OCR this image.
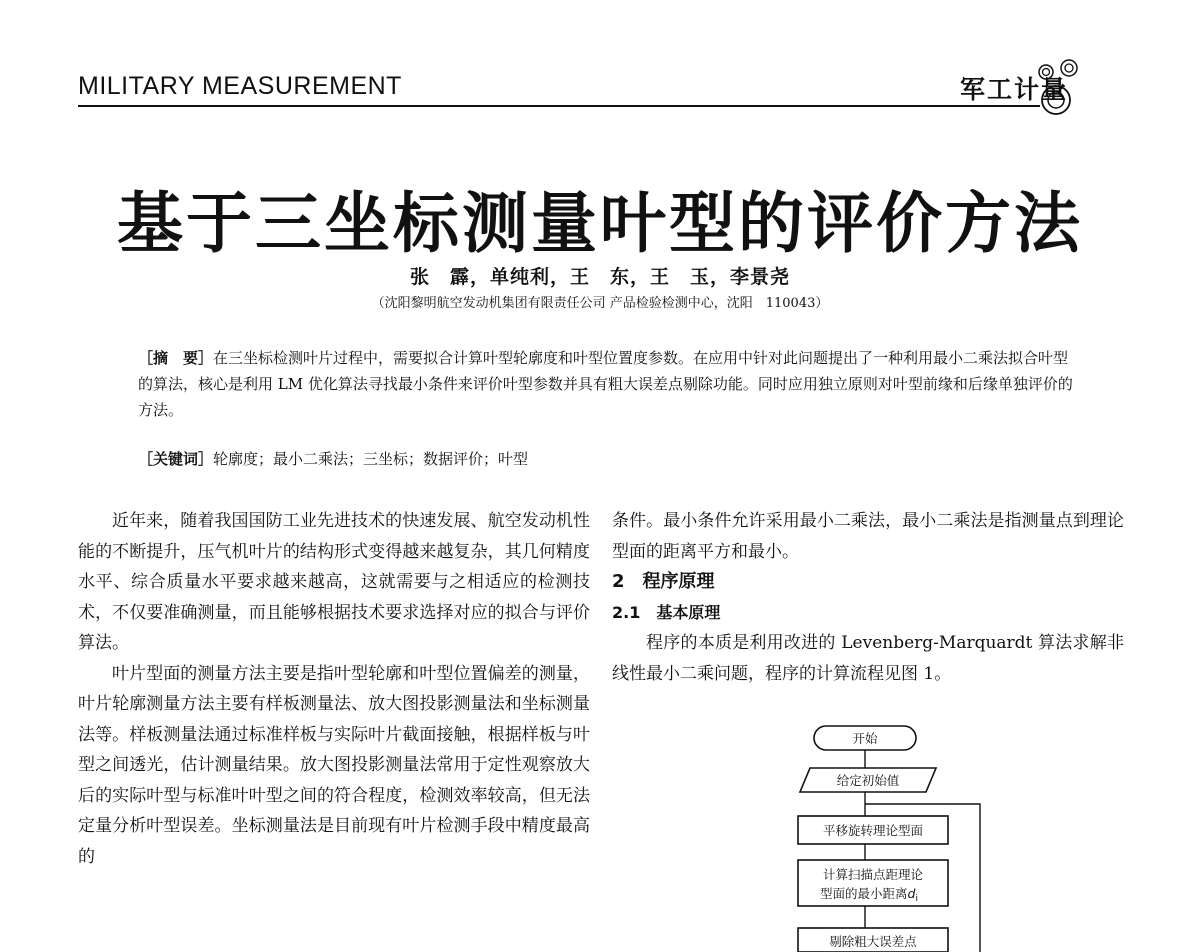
MILITARY MEASUREMENT	军工计量
基于三坐标测量叶型的评价方法
张　霹，单纯利，王　东，王　玉，李景尧
（沈阳黎明航空发动机集团有限责任公司 产品检验检测中心，沈阳　110043）
［摘　要］在三坐标检测叶片过程中，需要拟合计算叶型轮廓度和叶型位置度参数。在应用中针对此问题提出了一种利用最小二乘法拟合叶型的算法，核心是利用 LM 优化算法寻找最小条件来评价叶型参数并具有粗大误差点剔除功能。同时应用独立原则对叶型前缘和后缘单独评价的方法。
［关键词］轮廓度；最小二乘法；三坐标；数据评价；叶型

近年来，随着我国国防工业先进技术的快速发展、航空发动机性能的不断提升，压气机叶片的结构形式变得越来越复杂，其几何精度水平、综合质量水平要求越来越高，这就需要与之相适应的检测技术，不仅要准确测量，而且能够根据技术要求选择对应的拟合与评价算法。

叶片型面的测量方法主要是指叶型轮廓和叶型位置偏差的测量，叶片轮廓测量方法主要有样板测量法、放大图投影测量法和坐标测量法等。样板测量法通过标准样板与实际叶片截面接触，根据样板与叶型之间透光，估计测量结果。放大图投影测量法常用于定性观察放大后的实际叶型与标准叶叶型之间的符合程度，检测效率较高，但无法定量分析叶型误差。坐标测量法是目前现有叶片检测手段中精度最高的

条件。最小条件允许采用最小二乘法，最小二乘法是指测量点到理论型面的距离平方和最小。

2　程序原理

2.1　基本原理

程序的本质是利用改进的 Levenberg-Marquardt 算法求解非线性最小二乘问题，程序的计算流程见图 1。

开始
给定初始值
平移旋转理论型面
计算扫描点距理论
型面的最小距离$d_i$
剔除粗大误差点
